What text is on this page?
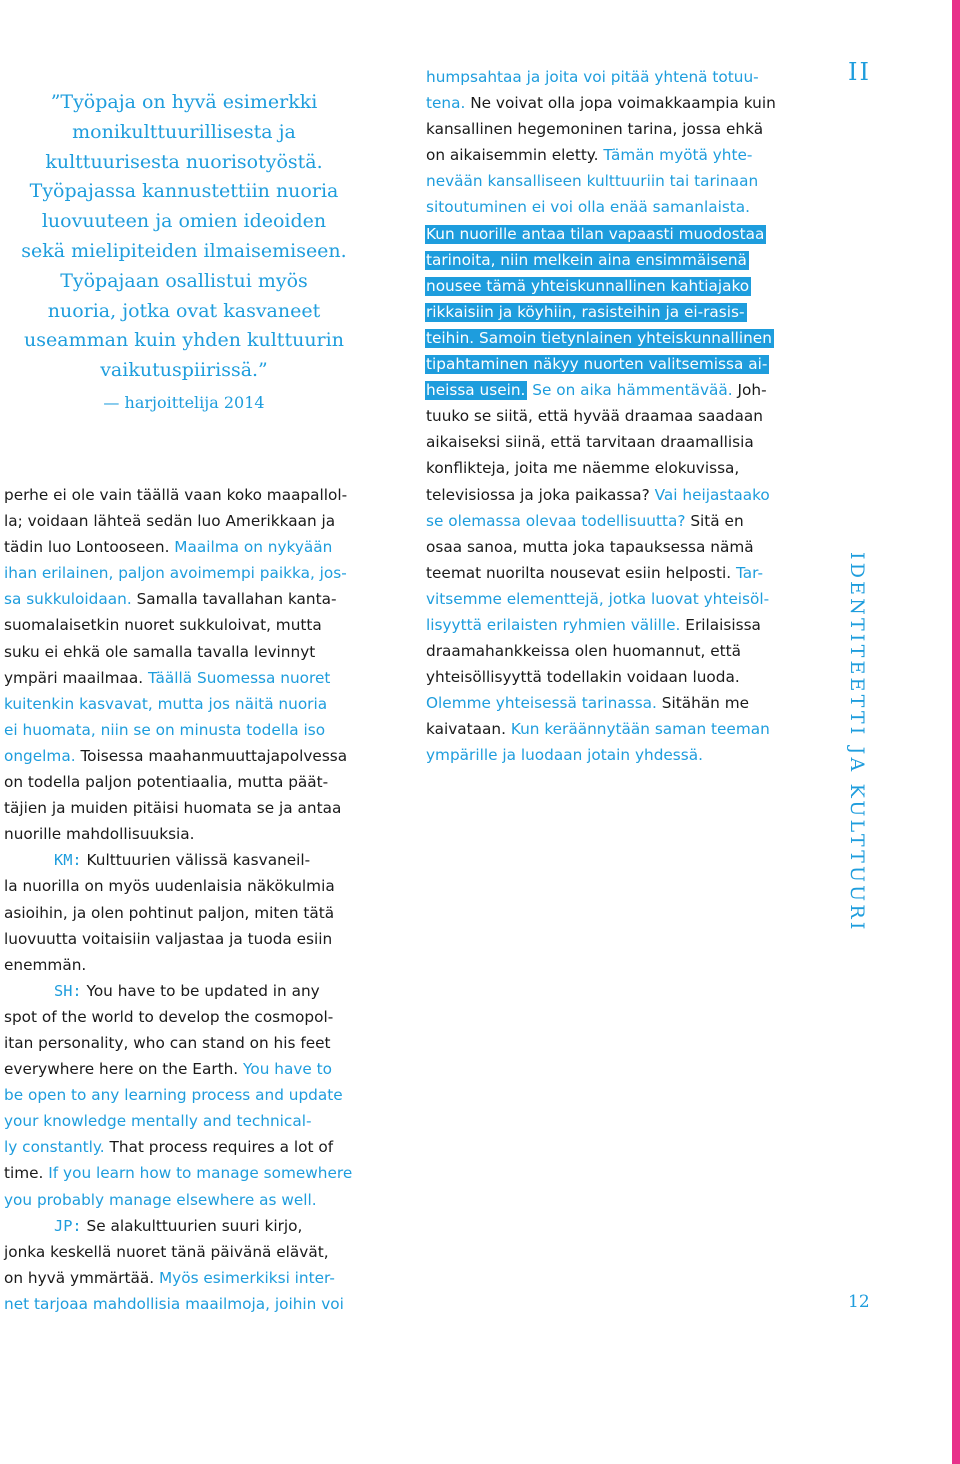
”Työpaja on hyvä esimerkki
monikulttuurillisesta ja
kulttuurisesta nuorisotyöstä.
Työpajassa kannustettiin nuoria
luovuuteen ja omien ideoiden
sekä mielipiteiden ilmaisemiseen.
Työpajaan osallistui myös
nuoria, jotka ovat kasvaneet
useamman kuin yhden kulttuurin
vaikutuspiirissä.”
— harjoittelija 2014
perhe ei ole vain täällä vaan koko maapallol-
la; voidaan lähteä sedän luo Amerikkaan ja
tädin luo Lontooseen. Maailma on nykyään
ihan erilainen, paljon avoimempi paikka, jos-
sa sukkuloidaan. Samalla tavallahan kanta-
suomalaisetkin nuoret sukkuloivat, mutta
suku ei ehkä ole samalla tavalla levinnyt
ympäri maailmaa. Täällä Suomessa nuoret
kuitenkin kasvavat, mutta jos näitä nuoria
ei huomata, niin se on minusta todella iso
ongelma. Toisessa maahanmuuttajapolvessa
on todella paljon potentiaalia, mutta päät-
täjien ja muiden pitäisi huomata se ja antaa
nuorille mahdollisuuksia.
KM: Kulttuurien välissä kasvaneil-
la nuorilla on myös uudenlaisia näkökulmia
asioihin, ja olen pohtinut paljon, miten tätä
luovuutta voitaisiin valjastaa ja tuoda esiin
enemmän.
SH: You have to be updated in any
spot of the world to develop the cosmopol-
itan personality, who can stand on his feet
everywhere here on the Earth. You have to
be open to any learning process and update
your knowledge mentally and technical-
ly constantly. That process requires a lot of
time. If you learn how to manage somewhere
you probably manage elsewhere as well.
JP: Se alakulttuurien suuri kirjo,
jonka keskellä nuoret tänä päivänä elävät,
on hyvä ymmärtää. Myös esimerkiksi inter-
net tarjoaa mahdollisia maailmoja, joihin voi
humpsahtaa ja joita voi pitää yhtenä totuu-
tena. Ne voivat olla jopa voimakkaampia kuin
kansallinen hegemoninen tarina, jossa ehkä
on aikaisemmin eletty. Tämän myötä yhte-
nevään kansalliseen kulttuuriin tai tarinaan
sitoutuminen ei voi olla enää samanlaista.
Kun nuorille antaa tilan vapaasti muodostaa
tarinoita, niin melkein aina ensimmäisenä
nousee tämä yhteiskunnallinen kahtiajako
rikkaisiin ja köyhiin, rasisteihin ja ei-rasis-
teihin. Samoin tietynlainen yhteiskunnallinen
tipahtaminen näkyy nuorten valitsemissa ai-
heissa usein. Se on aika hämmentävää. Joh-
tuuko se siitä, että hyvää draamaa saadaan
aikaiseksi siinä, että tarvitaan draamallisia
konflikteja, joita me näemme elokuvissa,
televisiossa ja joka paikassa? Vai heijastaako
se olemassa olevaa todellisuutta? Sitä en
osaa sanoa, mutta joka tapauksessa nämä
teemat nuorilta nousevat esiin helposti. Tar-
vitsemme elementtejä, jotka luovat yhteisöl-
lisyyttä erilaisten ryhmien välille. Erilaisissa
draamahankkeissa olen huomannut, että
yhteisöllisyyttä todellakin voidaan luoda.
Olemme yhteisessä tarinassa. Sitähän me
kaivataan. Kun keräännytään saman teeman
ympärille ja luodaan jotain yhdessä.
II
IDENTITEETTI JA KULTTUURI
12
